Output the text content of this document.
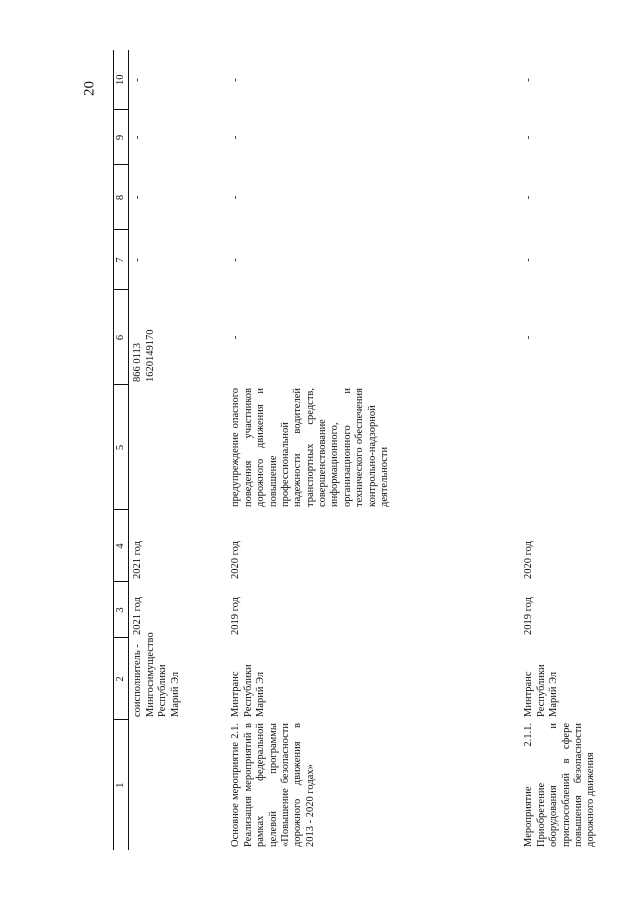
20
1	2	3	4	5	6	7	8	9	10
	соисполнитель - Мингосимущество Республики Марий Эл	2021 год	2021 год		866 0113 1620149170	-	-	-	-
Основное мероприятие 2.1. Реализация мероприятий в рамках федеральной целевой программы «Повышение безопасности дорожного движения в 2013 - 2020 годах»	Минтранс Республики Марий Эл	2019 год	2020 год	предупреждение опасного поведения участников дорожного движения и повышение профессиональной надежности водителей транспортных средств, совершенствование информационного, организационного и технического обеспечения контрольно-надзорной деятельности	-	-	-	-	-
Мероприятие 2.1.1. Приобретение оборудования и приспособлений в сфере повышения безопасности дорожного движения	Минтранс Республики Марий Эл	2019 год	2020 год		-	-	-	-	-
